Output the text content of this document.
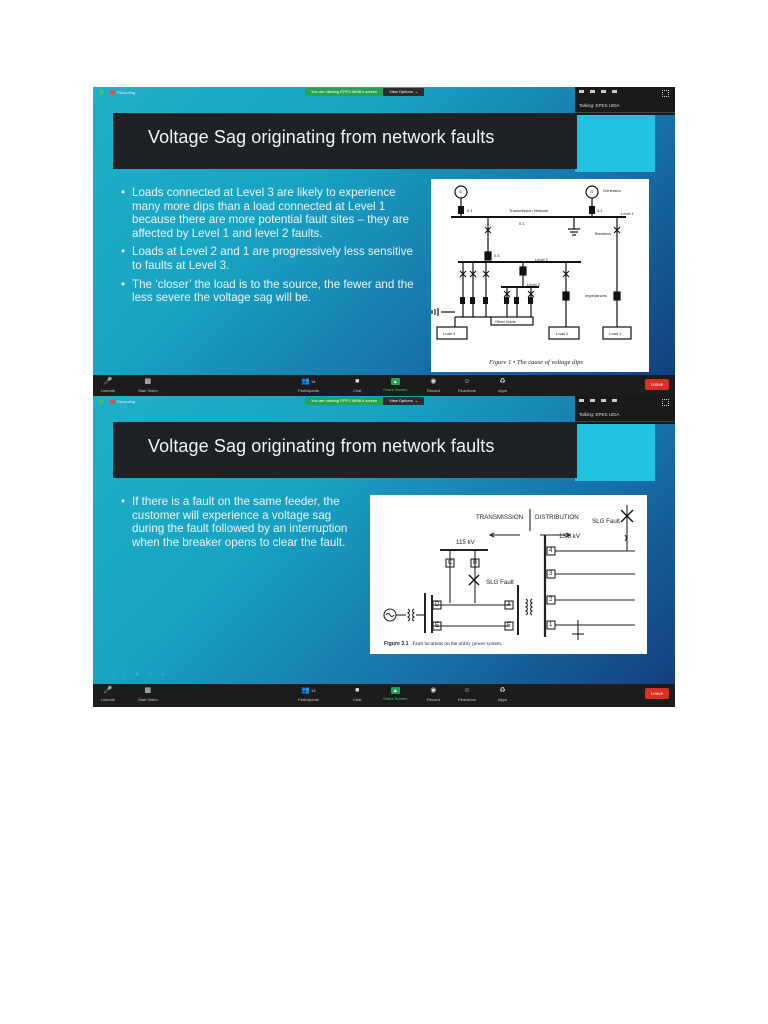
Recording	You are viewing EPES MMA's screen	View Options ⌄
Talking: EPES UIDA
Voltage Sag originating from network faults
• Loads connected at Level 3 are likely to experience many more dips than a load connected at Level 1 because there are more potential fault sites – they are affected by Level 1 and level 2 faults.
• Loads at Level 2 and 1 are progressively less sensitive to faults at Level 3.
• The ‘closer’ the load is to the source, the fewer and the less severe the voltage sag will be.
G	G Generator
Transmission Network
Level 1
0.1	0.1
0.1
0.5
Breakers
Level 2
Level 3
Impedances
Other loads
Load 3	Load 2	Load 1
Figure 1 • The cause of voltage dips
🎤
Unmute
▩
Start Video
👥 14
Participants
■
Chat
▲
Share Screen
◉
Record
☺
Reactions
♻
Apps
Leave
Recording	You are viewing EPES MMA's screen	View Options ⌄
Talking: EPES UIDA
Voltage Sag originating from network faults
• If there is a fault on the same feeder, the customer will experience a voltage sag during the fault followed by an interruption when the breaker opens to clear the fault.
TRANSMISSION DISTRIBUTION
SLG Fault
13.8 kV
115 kV
SLG Fault
C	B
D
E
A
F
4
3
2
1
Figure 3.1 Fault locations on the utility power system.
‹ › ✎ ○ ○
🎤
Unmute
▩
Start Video
👥 13
Participants
■
Chat
▲
Share Screen
◉
Record
☺
Reactions
♻
Apps
Leave
